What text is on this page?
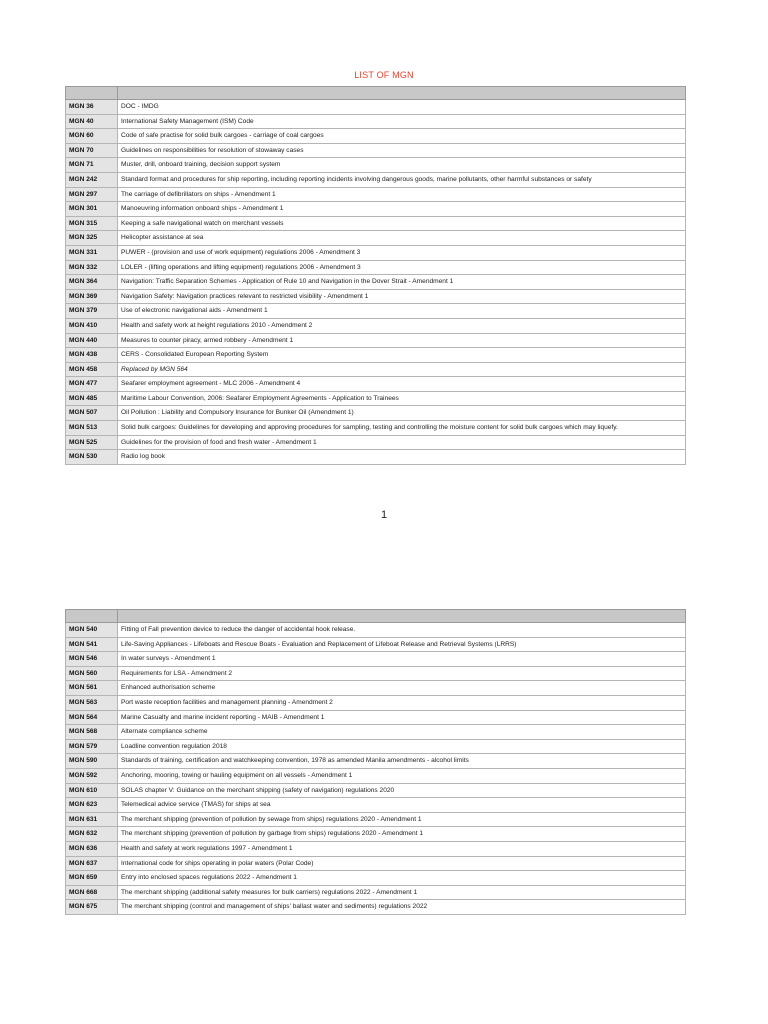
LIST OF MGN

MGN 36	DOC - IMDG
MGN 40	International Safety Management (ISM) Code
MGN 60	Code of safe practise for solid bulk cargoes - carriage of coal cargoes
MGN 70	Guidelines on responsibilities for resolution of stowaway cases
MGN 71	Muster, drill, onboard training, decision support system
MGN 242	Standard format and procedures for ship reporting, including reporting incidents involving dangerous goods, marine pollutants, other harmful substances or safety
MGN 297	The carriage of defibrillators on ships - Amendment 1
MGN 301	Manoeuvring information onboard ships - Amendment 1
MGN 315	Keeping a safe navigational watch on merchant vessels
MGN 325	Helicopter assistance at sea
MGN 331	PUWER - (provision and use of work equipment) regulations 2006 - Amendment 3
MGN 332	LOLER - (lifting operations and lifting equipment) regulations 2006 - Amendment 3
MGN 364	Navigation: Traffic Separation Schemes - Application of Rule 10 and Navigation in the Dover Strait - Amendment 1
MGN 369	Navigation Safety: Navigation practices relevant to restricted visibility - Amendment 1
MGN 379	Use of electronic navigational aids - Amendment 1
MGN 410	Health and safety work at height regulations 2010 - Amendment 2
MGN 440	Measures to counter piracy, armed robbery - Amendment 1
MGN 438	CERS - Consolidated European Reporting System
MGN 458	Replaced by MGN 564
MGN 477	Seafarer employment agreement - MLC 2006 - Amendment 4
MGN 485	Maritime Labour Convention, 2006: Seafarer Employment Agreements - Application to Trainees
MGN 507	Oil Pollution : Liability and Compulsory Insurance for Bunker Oil (Amendment 1)
MGN 513	Solid bulk cargoes: Guidelines for developing and approving procedures for sampling, testing and controlling the moisture content for solid bulk cargoes which may liquefy.
MGN 525	Guidelines for the provision of food and fresh water - Amendment 1
MGN 530	Radio log book
1

MGN 540	Fitting of Fall prevention device to reduce the danger of accidental hook release.
MGN 541	Life-Saving Appliances - Lifeboats and Rescue Boats - Evaluation and Replacement of Lifeboat Release and Retrieval Systems (LRRS)
MGN 546	In water surveys - Amendment 1
MGN 560	Requirements for LSA - Amendment 2
MGN 561	Enhanced authorisation scheme
MGN 563	Port waste reception facilities and management planning - Amendment 2
MGN 564	Marine Casualty and marine incident reporting - MAIB - Amendment 1
MGN 568	Alternate compliance scheme
MGN 579	Loadline convention regulation 2018
MGN 590	Standards of training, certification and watchkeeping convention, 1978 as amended Manila amendments - alcohol limits
MGN 592	Anchoring, mooring, towing or hauling equipment on all vessels - Amendment 1
MGN 610	SOLAS chapter V: Guidance on the merchant shipping (safety of navigation) regulations 2020
MGN 623	Telemedical advice service (TMAS) for ships at sea
MGN 631	The merchant shipping (prevention of pollution by sewage from ships) regulations 2020 - Amendment 1
MGN 632	The merchant shipping (prevention of pollution by garbage from ships) regulations 2020 - Amendment 1
MGN 636	Health and safety at work regulations 1997 - Amendment 1
MGN 637	International code for ships operating in polar waters (Polar Code)
MGN 659	Entry into enclosed spaces regulations 2022 - Amendment 1
MGN 668	The merchant shipping (additional safety measures for bulk carriers) regulations 2022 - Amendment 1
MGN 675	The merchant shipping (control and management of ships' ballast water and sediments) regulations 2022
